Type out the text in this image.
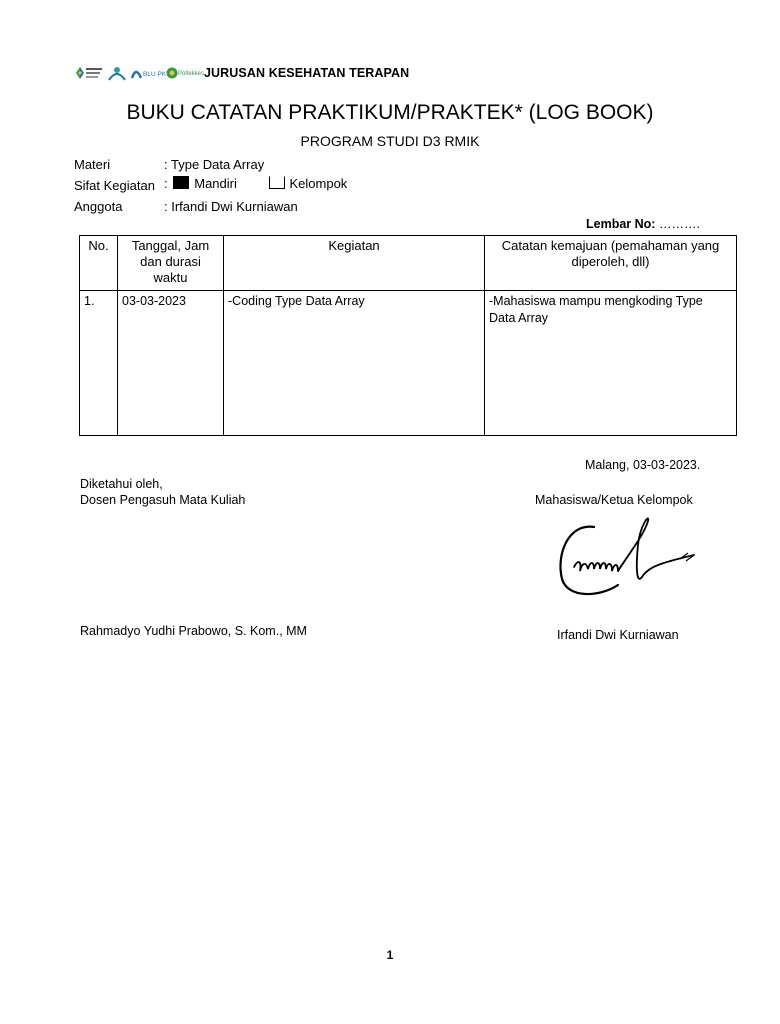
BLU PK Poltekkes JURUSAN KESEHATAN TERAPAN
BUKU CATATAN PRAKTIKUM/PRAKTEK* (LOG BOOK)
PROGRAM STUDI D3 RMIK
Materi	: Type Data Array
Sifat Kegiatan : Mandiri	Kelompok
Anggota	: Irfandi Dwi Kurniawan
Lembar No: ……….
No.	Tanggal, Jam dan durasi waktu	Kegiatan	Catatan kemajuan (pemahaman yang diperoleh, dll)
1.	03-03-2023	-Coding Type Data Array	-Mahasiswa mampu mengkoding Type Data Array
Malang, 03-03-2023.
Diketahui oleh,
Dosen Pengasuh Mata Kuliah	Mahasiswa/Ketua Kelompok
Rahmadyo Yudhi Prabowo, S. Kom., MM	Irfandi Dwi Kurniawan
1
